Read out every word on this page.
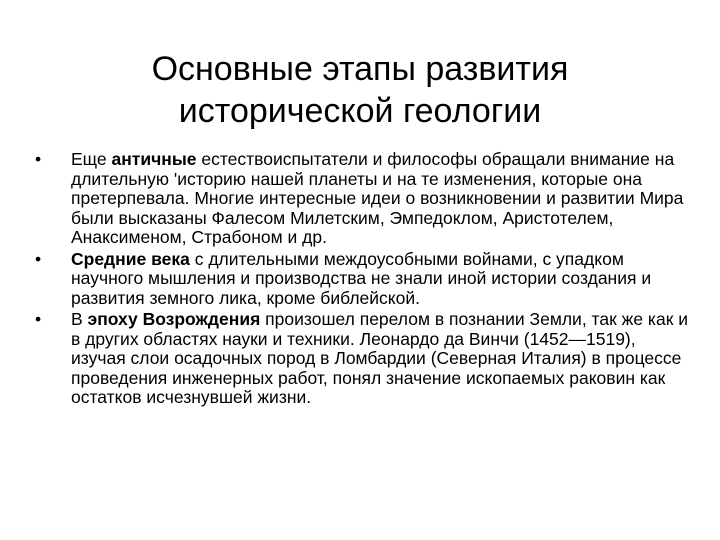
Основные этапы развития
исторической геологии
•	Еще античные естествоиспытатели и философы обращали внимание на длительную 'историю нашей планеты и на те изменения, которые она претерпевала. Многие интересные идеи о возникновении и развитии Мира были высказаны Фалесом Милетским, Эмпедоклом, Аристотелем, Анаксименом, Страбоном и др.
•	Средние века с длительными междоусобными войнами, с упадком научного мышления и производства не знали иной истории создания и развития земного лика, кроме библейской.
•	В эпоху Возрождения произошел перелом в познании Земли, так же как и в других областях науки и техники. Леонардо да Винчи (1452—1519), изучая слои осадочных пород в Ломбардии (Северная Италия) в процессе проведения инженерных работ, понял значение ископаемых раковин как остатков исчезнувшей жизни.
